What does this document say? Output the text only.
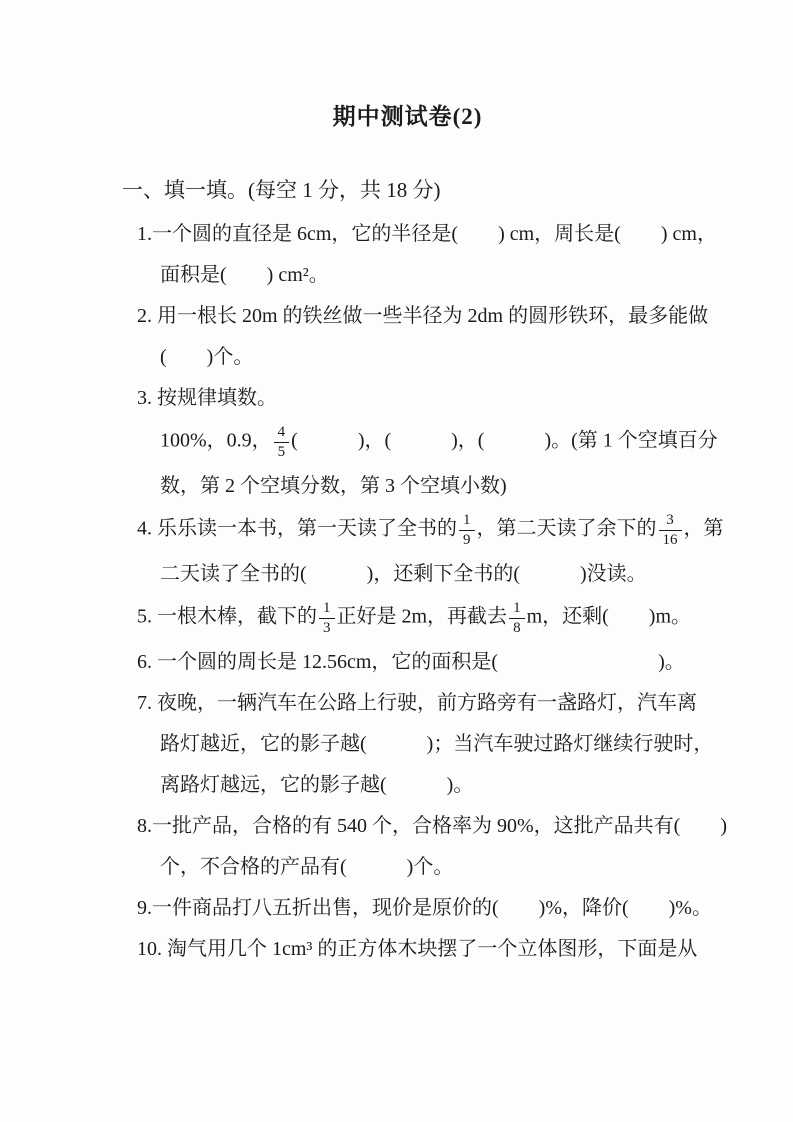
期中测试卷(2)
一、填一填。(每空 1 分，共 18 分)
1.一个圆的直径是 6cm，它的半径是(　　) cm，周长是(　　) cm，
面积是(　　) cm²。
2. 用一根长 20m 的铁丝做一些半径为 2dm 的圆形铁环，最多能做
(　　)个。
3. 按规律填数。
100%，0.9， $\frac{4}{5}$ (　　　)，(　　　)，(　　　)。(第 1 个空填百分
数，第 2 个空填分数，第 3 个空填小数)
4. 乐乐读一本书，第一天读了全书的 $\frac{1}{9}$ ，第二天读了余下的 $\frac{3}{16}$ ，第
二天读了全书的(　　　)，还剩下全书的(　　　)没读。
5. 一根木棒，截下的 $\frac{1}{3}$ 正好是 2m，再截去 $\frac{1}{8}$ m，还剩(　　)m。
6. 一个圆的周长是 12.56cm，它的面积是(　　　　　　　　)。
7. 夜晚，一辆汽车在公路上行驶，前方路旁有一盏路灯，汽车离
路灯越近，它的影子越(　　　)；当汽车驶过路灯继续行驶时，
离路灯越远，它的影子越(　　　)。
8.一批产品，合格的有 540 个，合格率为 90%，这批产品共有(　　)
个，不合格的产品有(　　　)个。
9.一件商品打八五折出售，现价是原价的(　　)%，降价(　　)%。
10. 淘气用几个 1cm³ 的正方体木块摆了一个立体图形，下面是从
